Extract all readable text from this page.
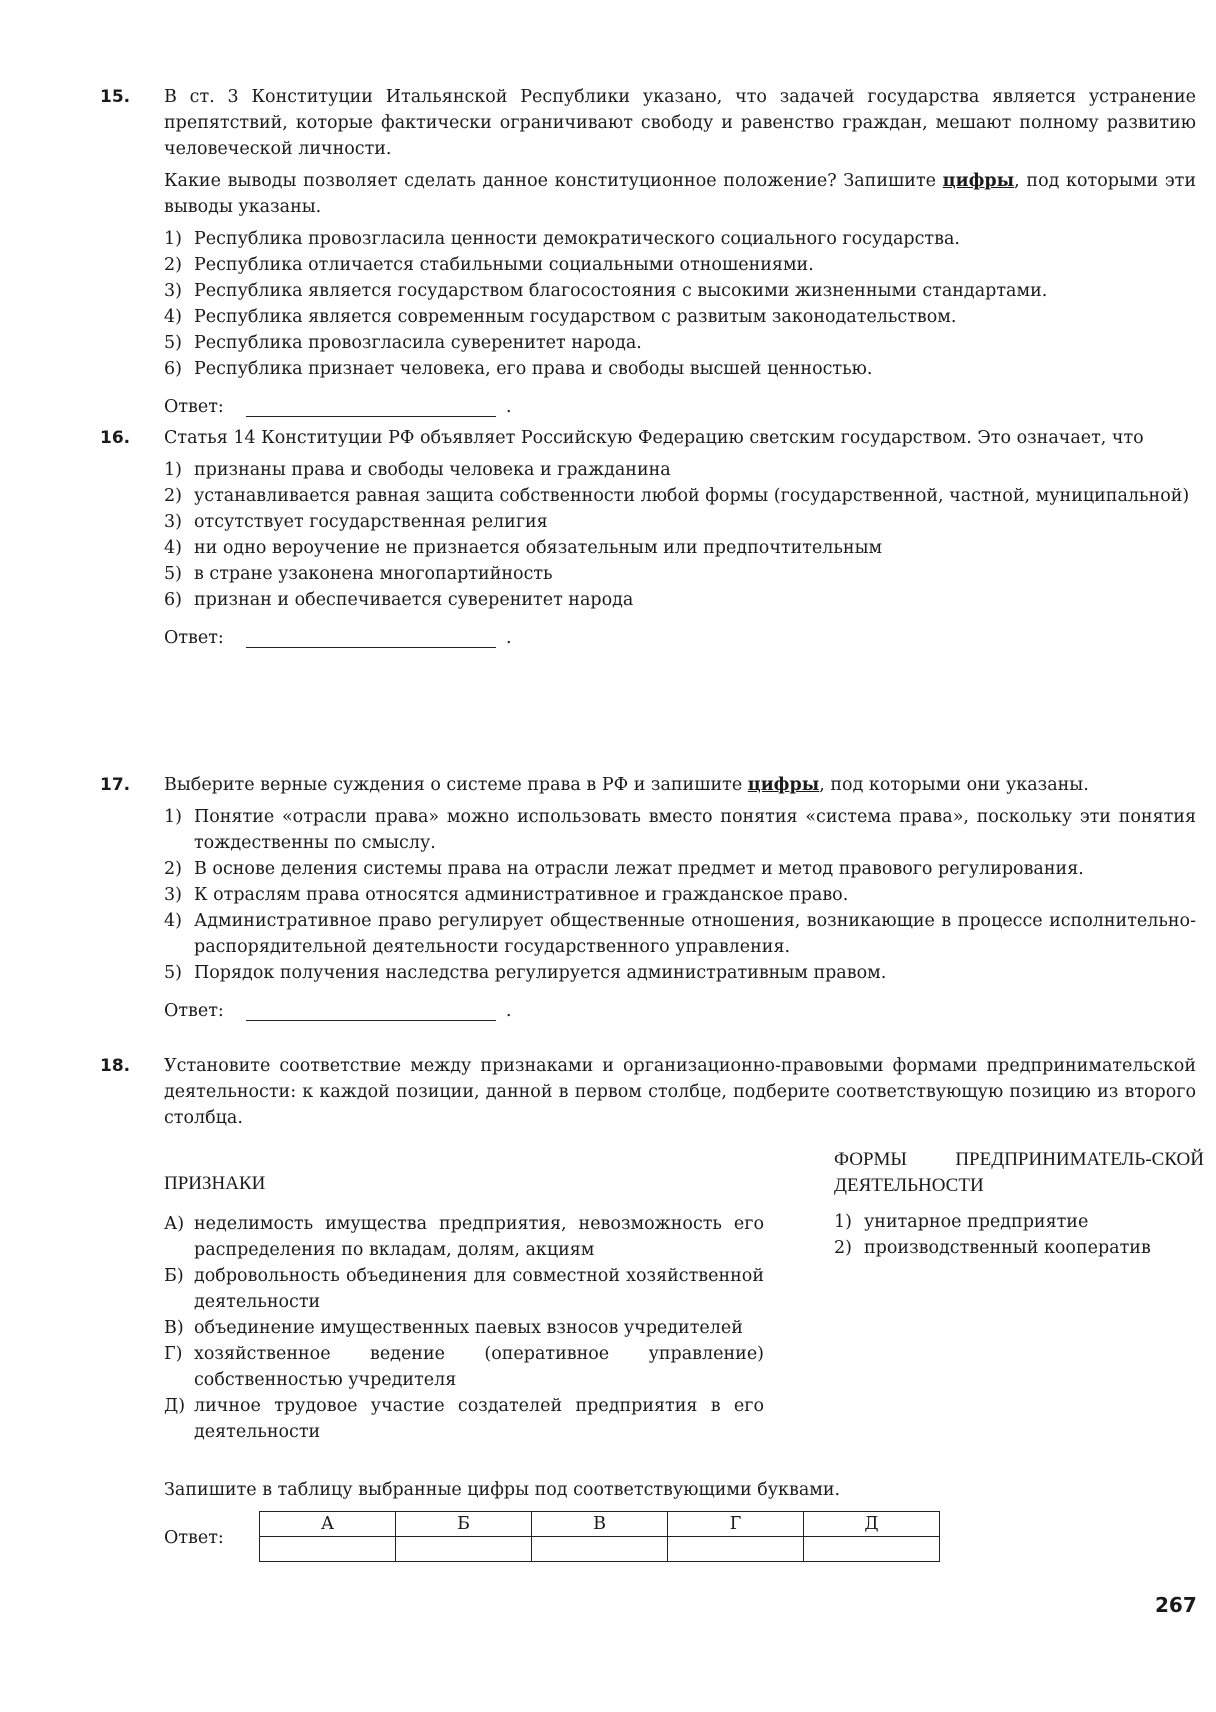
15. В ст. 3 Конституции Итальянской Республики указано, что задачей государства является устранение препятствий, которые фактически ограничивают свободу и равенство граждан, мешают полному развитию человеческой личности.

Какие выводы позволяет сделать данное конституционное положение? Запишите цифры, под которыми эти выводы указаны.

1) Республика провозгласила ценности демократического социального государства.
2) Республика отличается стабильными социальными отношениями.
3) Республика является государством благосостояния с высокими жизненными стандартами.
4) Республика является современным государством с развитым законодательством.
5) Республика провозгласила суверенитет народа.
6) Республика признает человека, его права и свободы высшей ценностью.
Ответ:	.
16. Статья 14 Конституции РФ объявляет Российскую Федерацию светским государством. Это означает, что

1) признаны права и свободы человека и гражданина
2) устанавливается равная защита собственности любой формы (государственной, частной, муниципальной)
3) отсутствует государственная религия
4) ни одно вероучение не признается обязательным или предпочтительным
5) в стране узаконена многопартийность
6) признан и обеспечивается суверенитет народа
Ответ:	.
17. Выберите верные суждения о системе права в РФ и запишите цифры, под которыми они указаны.

1) Понятие «отрасли права» можно использовать вместо понятия «система права», поскольку эти понятия тождественны по смыслу.
2) В основе деления системы права на отрасли лежат предмет и метод правового регулирования.
3) К отраслям права относятся административное и гражданское право.
4) Административное право регулирует общественные отношения, возникающие в процессе исполнительно-распорядительной деятельности государственного управления.
5) Порядок получения наследства регулируется административным правом.
Ответ:	.
18. Установите соответствие между признаками и организационно-правовыми формами предпринимательской деятельности: к каждой позиции, данной в первом столбце, подберите соответствующую позицию из второго столбца.

ПРИЗНАКИ
А) неделимость имущества предприятия, невозможность его распределения по вкладам, долям, акциям
Б) добровольность объединения для совместной хозяйственной деятельности
В) объединение имущественных паевых взносов учредителей
Г) хозяйственное ведение (оперативное управление) собственностью учредителя
Д) личное трудовое участие создателей предприятия в его деятельности
ФОРМЫ ПРЕДПРИНИМАТЕЛЬ-СКОЙ ДЕЯТЕЛЬНОСТИ
1) унитарное предприятие
2) производственный кооператив

Запишите в таблицу выбранные цифры под соответствующими буквами.

Ответ:
А	Б	В	Г	Д

267
